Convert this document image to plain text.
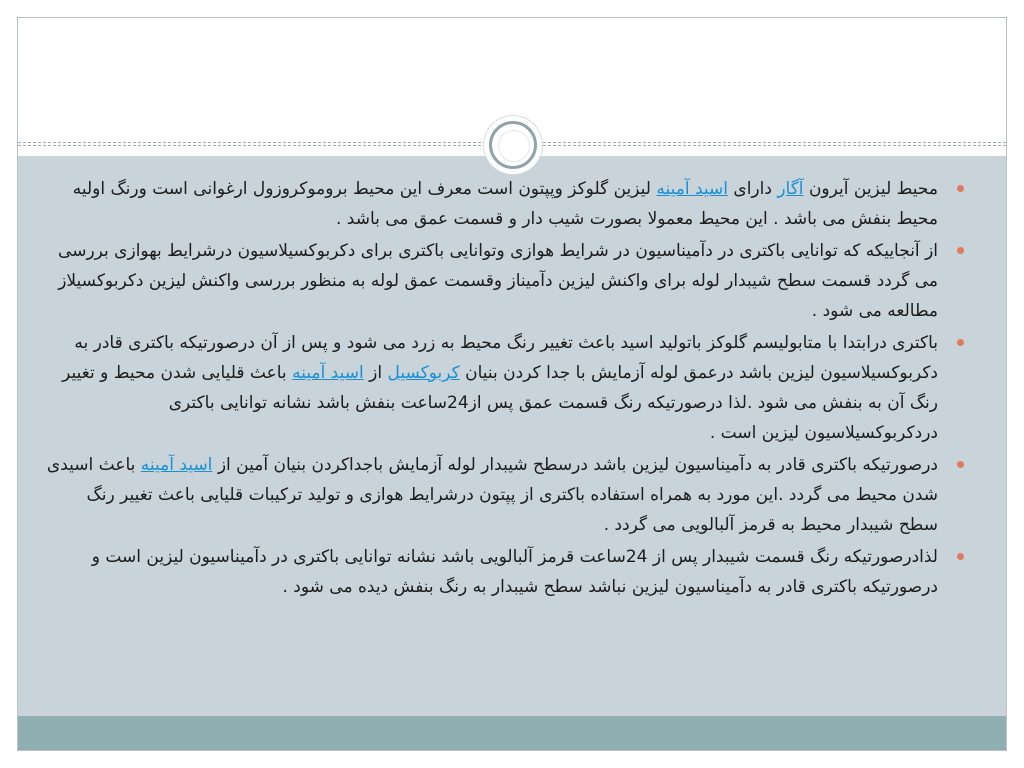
محیط لیزین آیرون آگار دارای اسید آمینه لیزین گلوکز وپپتون است معرف این محیط بروموکروزول ارغوانی است ورنگ اولیه محیط بنفش می باشد . این محیط معمولا بصورت شیب دار و قسمت عمق می باشد .
از آنجاییکه که توانایی باکتری در دآمیناسیون در شرایط هوازی وتوانایی باکتری برای دکربوکسیلاسیون درشرایط بهوازی بررسی می گردد قسمت سطح شیبدار لوله برای واکنش لیزین دآمیناز وقسمت عمق لوله به منظور بررسی واکنش لیزین دکربوکسیلاز مطالعه می شود .
باکتری درابتدا با متابولیسم گلوکز باتولید اسید باعث تغییر رنگ محیط به زرد می شود و پس از آن درصورتیکه باکتری قادر به دکربوکسیلاسیون لیزین باشد درعمق لوله آزمایش با جدا کردن بنیان کربوکسیل از اسید آمینه باعث قلیایی شدن محیط و تغییر رنگ آن به بنفش می شود .لذا درصورتیکه رنگ قسمت عمق پس از24ساعت بنفش باشد نشانه توانایی باکتری دردکربوکسیلاسیون لیزین است .
درصورتیکه باکتری قادر به دآمیناسیون لیزین باشد درسطح شیبدار لوله آزمایش باجداکردن بنیان آمین از اسید آمینه باعث اسیدی شدن محیط می گردد .این مورد به همراه استفاده باکتری از پپتون درشرایط هوازی و تولید ترکیبات قلیایی باعث تغییر رنگ سطح شیبدار محیط به قرمز آلبالویی می گردد .
لذادرصورتیکه رنگ قسمت شیبدار پس از 24ساعت قرمز آلبالویی باشد نشانه توانایی باکتری در دآمیناسیون لیزین است و درصورتیکه باکتری قادر به دآمیناسیون لیزین نباشد سطح شیبدار به رنگ بنفش دیده می شود .
